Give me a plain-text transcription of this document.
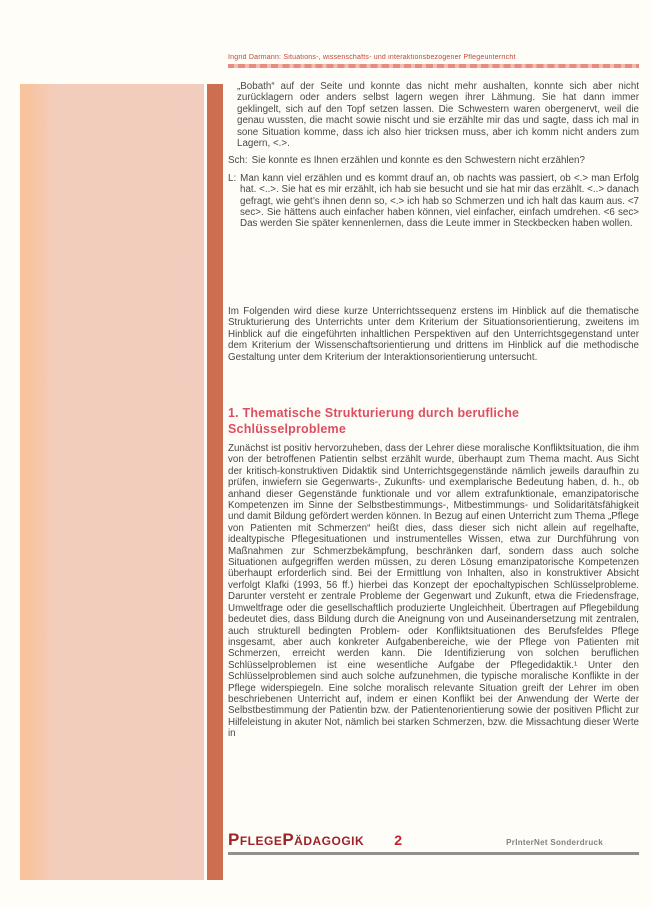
Ingrid Darmann: Situations-, wissenschafts- und interaktionsbezogener Pflegeunterricht

„Bobath“ auf der Seite und konnte das nicht mehr aushalten, konnte sich aber nicht zurücklagern oder anders selbst lagern wegen ihrer Lähmung. Sie hat dann immer geklingelt, sich auf den Topf setzen lassen. Die Schwestern waren obergenervt, weil die genau wussten, die macht sowie nischt und sie erzählte mir das und sagte, dass ich mal in sone Situation komme, dass ich also hier tricksen muss, aber ich komm nicht anders zum Lagern, <.>.

Sch: Sie konnte es Ihnen erzählen und konnte es den Schwestern nicht erzählen?

L: Man kann viel erzählen und es kommt drauf an, ob nachts was passiert, ob <.> man Erfolg hat. <..>. Sie hat es mir erzählt, ich hab sie besucht und sie hat mir das erzählt. <..> danach gefragt, wie geht’s ihnen denn so, <.> ich hab so Schmerzen und ich halt das kaum aus. <7 sec>. Sie hättens auch einfacher haben können, viel einfacher, einfach umdrehen. <6 sec> Das werden Sie später kennenlernen, dass die Leute immer in Steckbecken haben wollen.

Im Folgenden wird diese kurze Unterrichtssequenz erstens im Hinblick auf die thematische Strukturierung des Unterrichts unter dem Kriterium der Situationsorientierung, zweitens im Hinblick auf die eingeführten inhaltlichen Perspektiven auf den Unterrichtsgegenstand unter dem Kriterium der Wissenschaftsorientierung und drittens im Hinblick auf die methodische Gestaltung unter dem Kriterium der Interaktionsorientierung untersucht.

1. Thematische Strukturierung durch berufliche Schlüsselprobleme

Zunächst ist positiv hervorzuheben, dass der Lehrer diese moralische Konfliktsituation, die ihm von der betroffenen Patientin selbst erzählt wurde, überhaupt zum Thema macht. Aus Sicht der kritisch-konstruktiven Didaktik sind Unterrichtsgegenstände nämlich jeweils daraufhin zu prüfen, inwiefern sie Gegenwarts-, Zukunfts- und exemplarische Bedeutung haben, d. h., ob anhand dieser Gegenstände funktionale und vor allem extrafunktionale, emanzipatorische Kompetenzen im Sinne der Selbstbestimmungs-, Mitbestimmungs- und Solidaritätsfähigkeit und damit Bildung gefördert werden können. In Bezug auf einen Unterricht zum Thema „Pflege von Patienten mit Schmerzen“ heißt dies, dass dieser sich nicht allein auf regelhafte, idealtypische Pflegesituationen und instrumentelles Wissen, etwa zur Durchführung von Maßnahmen zur Schmerzbekämpfung, beschränken darf, sondern dass auch solche Situationen aufgegriffen werden müssen, zu deren Lösung emanzipatorische Kompetenzen überhaupt erforderlich sind. Bei der Ermittlung von Inhalten, also in konstruktiver Absicht verfolgt Klafki (1993, 56 ff.) hierbei das Konzept der epochaltypischen Schlüsselprobleme. Darunter versteht er zentrale Probleme der Gegenwart und Zukunft, etwa die Friedensfrage, Umweltfrage oder die gesellschaftlich produzierte Ungleichheit. Übertragen auf Pflegebildung bedeutet dies, dass Bildung durch die Aneignung von und Auseinandersetzung mit zentralen, auch strukturell bedingten Problem- oder Konfliktsituationen des Berufsfeldes Pflege insgesamt, aber auch konkreter Aufgabenbereiche, wie der Pflege von Patienten mit Schmerzen, erreicht werden kann. Die Identifizierung von solchen beruflichen Schlüsselproblemen ist eine wesentliche Aufgabe der Pflegedidaktik.¹ Unter den Schlüsselproblemen sind auch solche aufzunehmen, die typische moralische Konflikte in der Pflege widerspiegeln. Eine solche moralisch relevante Situation greift der Lehrer im oben beschriebenen Unterricht auf, indem er einen Konflikt bei der Anwendung der Werte der Selbstbestimmung der Patientin bzw. der Patientenorientierung sowie der positiven Pflicht zur Hilfeleistung in akuter Not, nämlich bei starken Schmerzen, bzw. die Missachtung dieser Werte in

PflegePädagogik 2	PrInterNet Sonderdruck
